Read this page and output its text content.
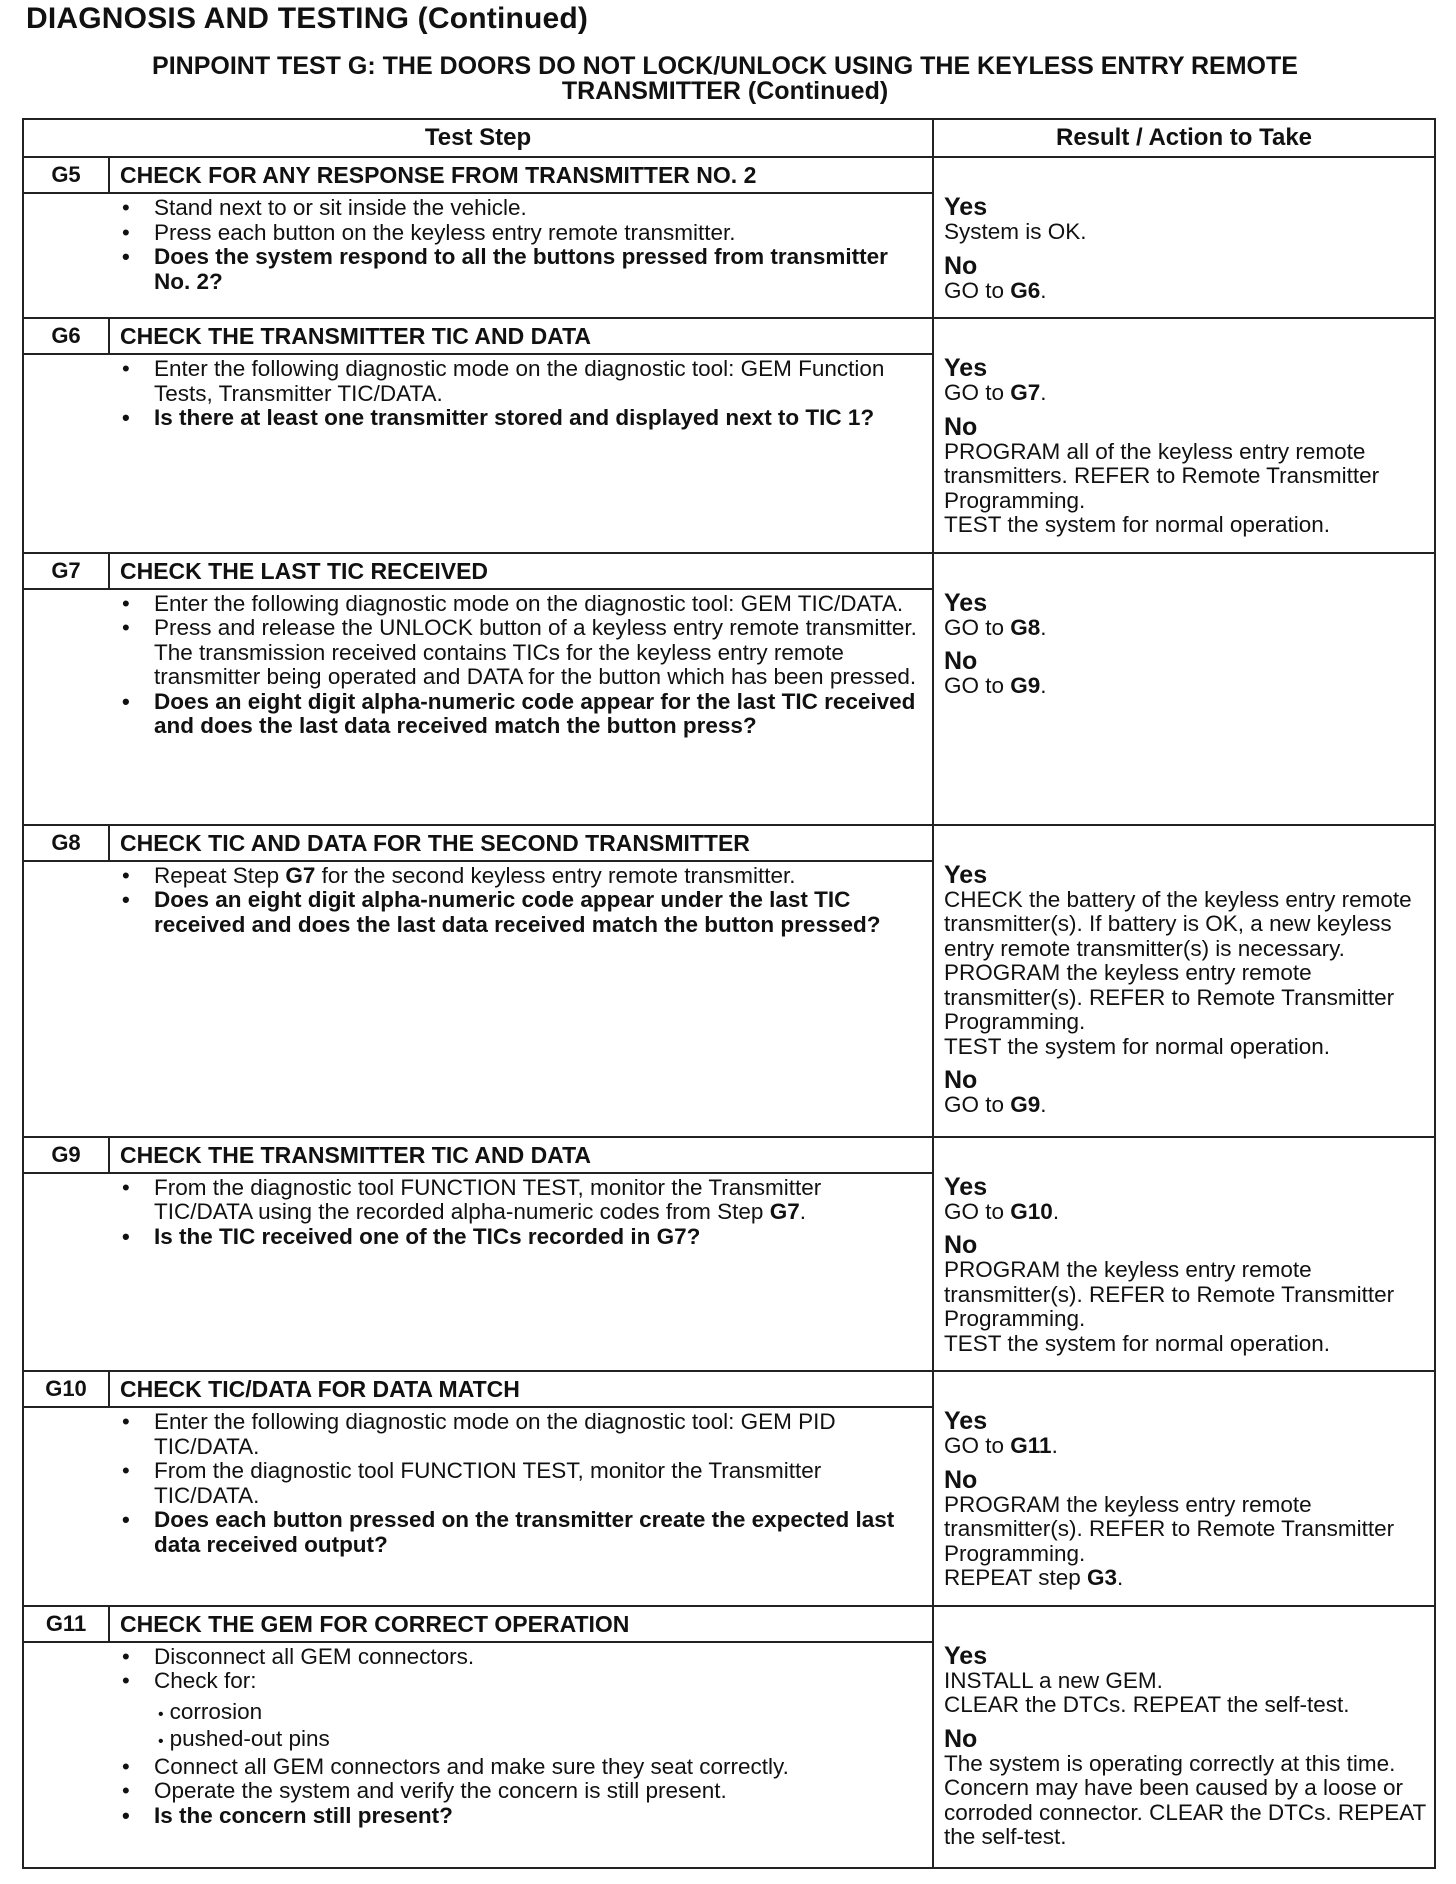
DIAGNOSIS AND TESTING (Continued)
PINPOINT TEST G: THE DOORS DO NOT LOCK/UNLOCK USING THE KEYLESS ENTRY REMOTE
TRANSMITTER (Continued)
Test Step	Result / Action to Take
G5	CHECK FOR ANY RESPONSE FROM TRANSMITTER NO. 2
• Stand next to or sit inside the vehicle.
• Press each button on the keyless entry remote transmitter.
• Does the system respond to all the buttons pressed from transmitter No. 2?
Yes
System is OK.
No
GO to G6.
G6	CHECK THE TRANSMITTER TIC AND DATA
• Enter the following diagnostic mode on the diagnostic tool: GEM Function Tests, Transmitter TIC/DATA.
• Is there at least one transmitter stored and displayed next to TIC 1?
Yes
GO to G7.
No
PROGRAM all of the keyless entry remote transmitters. REFER to Remote Transmitter Programming.
TEST the system for normal operation.
G7	CHECK THE LAST TIC RECEIVED
• Enter the following diagnostic mode on the diagnostic tool: GEM TIC/DATA.
• Press and release the UNLOCK button of a keyless entry remote transmitter. The transmission received contains TICs for the keyless entry remote transmitter being operated and DATA for the button which has been pressed.
• Does an eight digit alpha-numeric code appear for the last TIC received and does the last data received match the button press?
Yes
GO to G8.
No
GO to G9.
G8	CHECK TIC AND DATA FOR THE SECOND TRANSMITTER
• Repeat Step G7 for the second keyless entry remote transmitter.
• Does an eight digit alpha-numeric code appear under the last TIC received and does the last data received match the button pressed?
Yes
CHECK the battery of the keyless entry remote transmitter(s). If battery is OK, a new keyless entry remote transmitter(s) is necessary. PROGRAM the keyless entry remote transmitter(s). REFER to Remote Transmitter Programming.
TEST the system for normal operation.
No
GO to G9.
G9	CHECK THE TRANSMITTER TIC AND DATA
• From the diagnostic tool FUNCTION TEST, monitor the Transmitter TIC/DATA using the recorded alpha-numeric codes from Step G7.
• Is the TIC received one of the TICs recorded in G7?
Yes
GO to G10.
No
PROGRAM the keyless entry remote transmitter(s). REFER to Remote Transmitter Programming.
TEST the system for normal operation.
G10	CHECK TIC/DATA FOR DATA MATCH
• Enter the following diagnostic mode on the diagnostic tool: GEM PID TIC/DATA.
• From the diagnostic tool FUNCTION TEST, monitor the Transmitter TIC/DATA.
• Does each button pressed on the transmitter create the expected last data received output?
Yes
GO to G11.
No
PROGRAM the keyless entry remote transmitter(s). REFER to Remote Transmitter Programming.
REPEAT step G3.
G11	CHECK THE GEM FOR CORRECT OPERATION
• Disconnect all GEM connectors.
• Check for:
• corrosion
• pushed-out pins
• Connect all GEM connectors and make sure they seat correctly.
• Operate the system and verify the concern is still present.
• Is the concern still present?
Yes
INSTALL a new GEM.
CLEAR the DTCs. REPEAT the self-test.
No
The system is operating correctly at this time. Concern may have been caused by a loose or corroded connector. CLEAR the DTCs. REPEAT the self-test.
